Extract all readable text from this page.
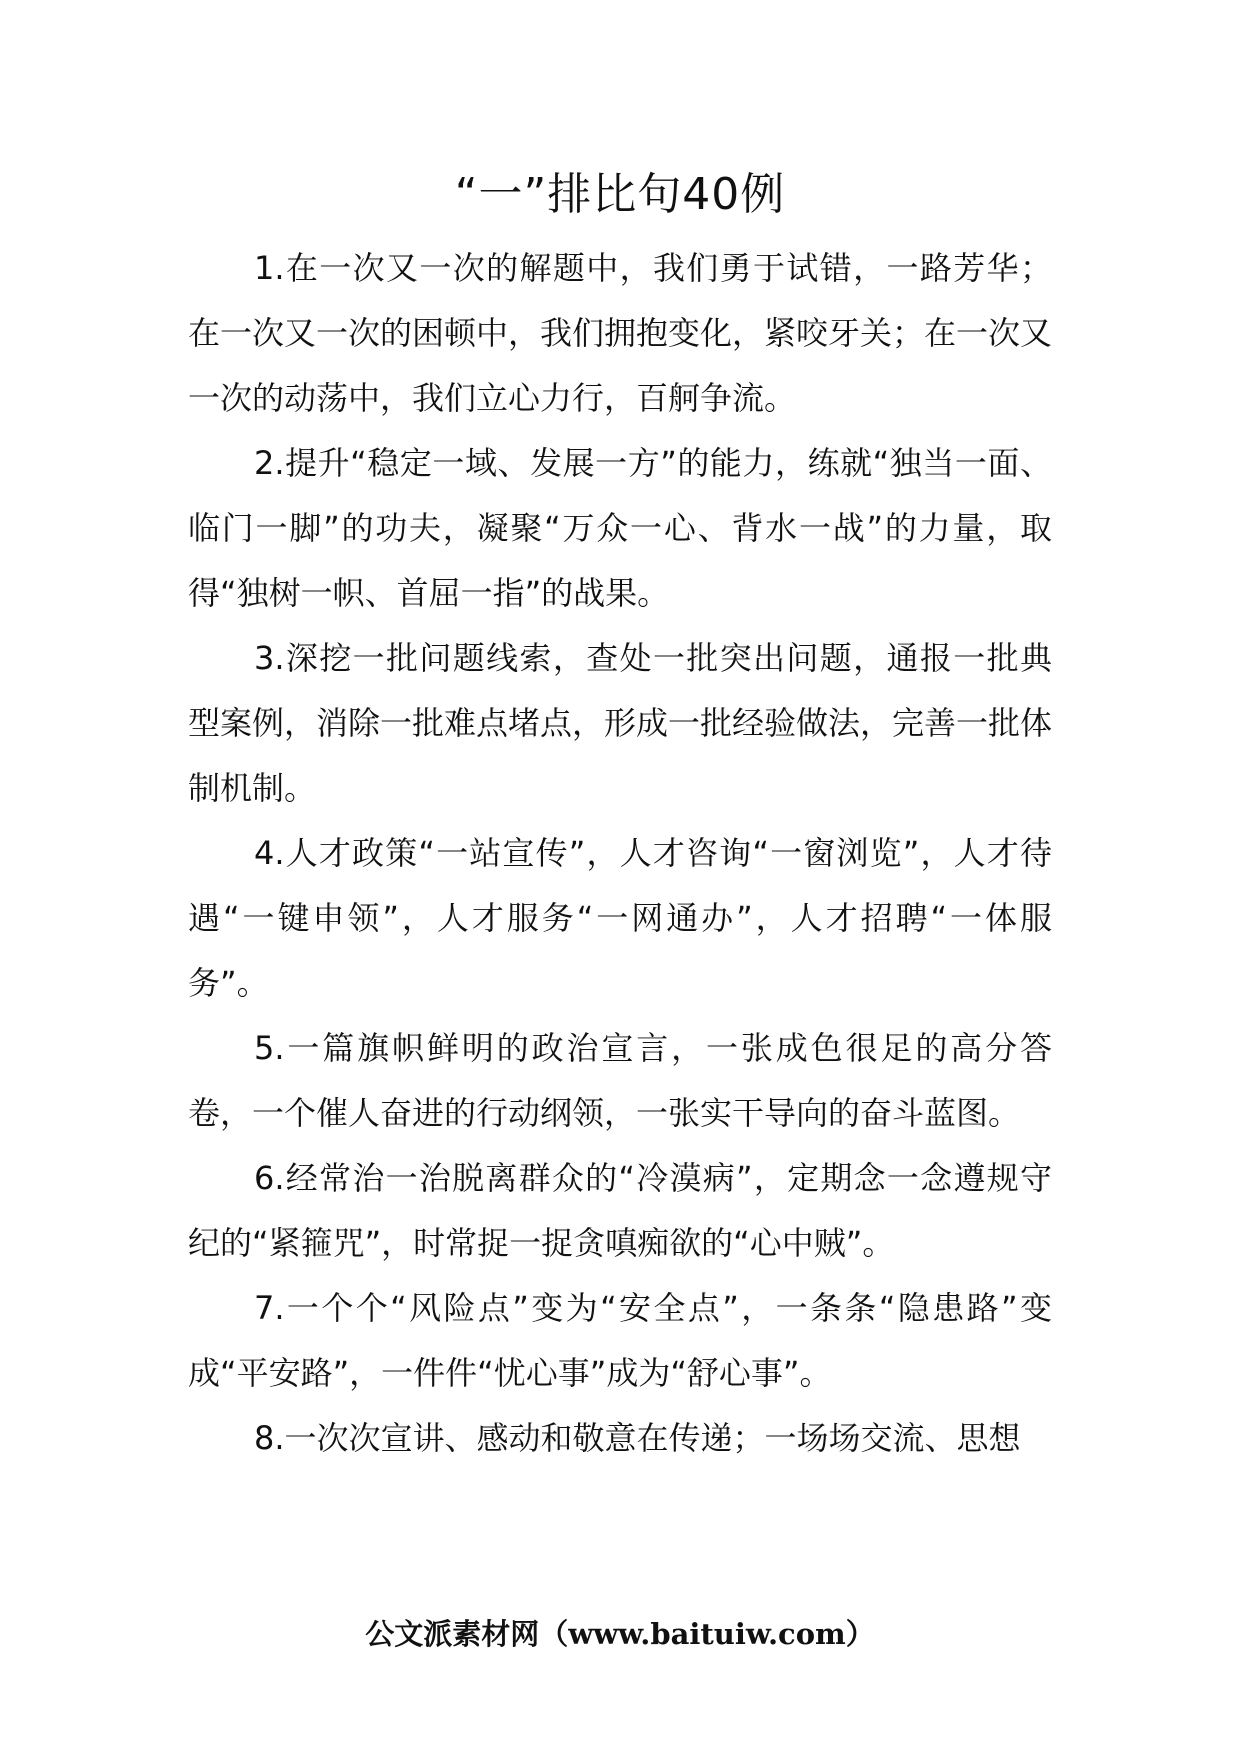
“一”排比句40例

1.在一次又一次的解题中，我们勇于试错，一路芳华；在一次又一次的困顿中，我们拥抱变化，紧咬牙关；在一次又一次的动荡中，我们立心力行，百舸争流。

2.提升“稳定一域、发展一方”的能力，练就“独当一面、临门一脚”的功夫，凝聚“万众一心、背水一战”的力量，取得“独树一帜、首屈一指”的战果。

3.深挖一批问题线索，查处一批突出问题，通报一批典型案例，消除一批难点堵点，形成一批经验做法，完善一批体制机制。

4.人才政策“一站宣传”，人才咨询“一窗浏览”，人才待遇“一键申领”，人才服务“一网通办”，人才招聘“一体服务”。

5.一篇旗帜鲜明的政治宣言，一张成色很足的高分答卷，一个催人奋进的行动纲领，一张实干导向的奋斗蓝图。

6.经常治一治脱离群众的“冷漠病”，定期念一念遵规守纪的“紧箍咒”，时常捉一捉贪嗔痴欲的“心中贼”。

7.一个个“风险点”变为“安全点”，一条条“隐患路”变成“平安路”，一件件“忧心事”成为“舒心事”。

8.一次次宣讲、感动和敬意在传递；一场场交流、思想

公文派素材网（www.baituiw.com）
